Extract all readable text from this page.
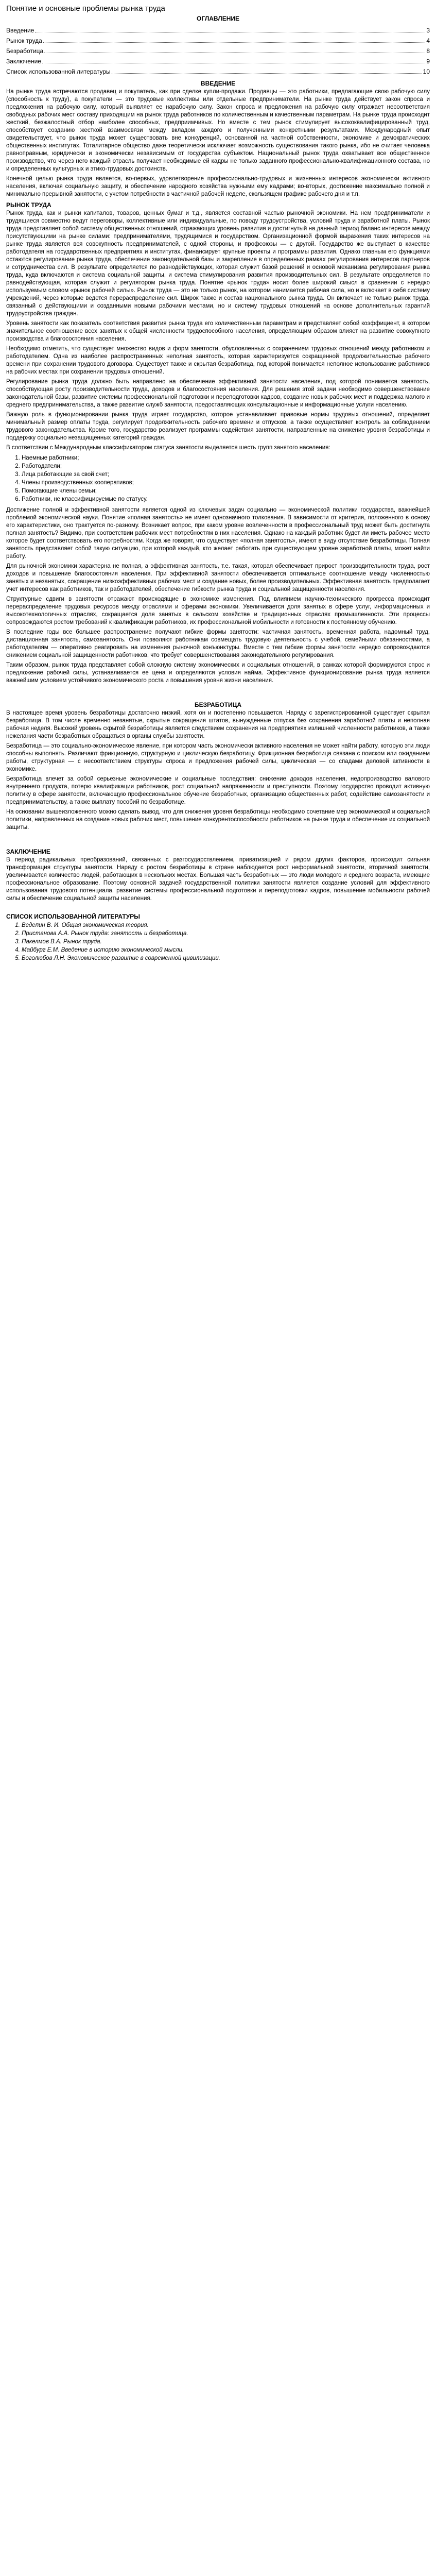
Понятие и основные проблемы рынка труда
ОГЛАВЛЕНИЕ
Введение	3
Рынок труда	4
Безработица	8
Заключение	9
Список использованной литературы	10
ВВЕДЕНИЕ

На рынке труда встречаются продавец и покупатель, как при сделке купли-продажи. Продавцы — это работники, предлагающие свою рабочую силу (способность к труду), а покупатели — это трудовые коллективы или отдельные предприниматели. На рынке труда действует закон спроса и предложения на рабочую силу, который выявляет ее нарабочую силу. Закон спроса и предложения на рабочую силу отражает несоответствия свободных рабочих мест составу приходящим на рынок труда работников по количественным и качественным параметрам. На рынке труда происходит жесткий, безжалостный отбор наиболее способных, предприимчивых. Но вместе с тем рынок стимулирует высококвалифицированный труд, способствует созданию жесткой взаимосвязи между вкладом каждого и полученными конкретными результатами. Международный опыт свидетельствует, что рынок труда может существовать вне конкуренций, основанной на частной собственности, экономике и демократических общественных институтах. Тоталитарное общество даже теоретически исключает возможность существования такого рынка, ибо не считает человека равноправным, юридически и экономически независимым от государства субъектом. Национальный рынок труда охватывает все общественное производство, что через него каждый отрасль получает необходимые ей кадры не только заданного профессионально-квалификационного состава, но и определенных культурных и этико-трудовых достоинств.

Конечной целью рынка труда является, во-первых, удовлетворение профессионально-трудовых и жизненных интересов экономически активного населения, включая социальную защиту, и обеспечение народного хозяйства нужными ему кадрами; во-вторых, достижение максимально полной и минимально прерывной занятости, с учетом потребности в частичной рабочей неделе, скользящем графике рабочего дня и т.п.

РЫНОК ТРУДА

Рынок труда, как и рынки капиталов, товаров, ценных бумаг и т.д., является составной частью рыночной экономики. На нем предприниматели и трудящиеся совместно ведут переговоры, коллективные или индивидуальные, по поводу трудоустройства, условий труда и заработной платы. Рынок труда представляет собой систему общественных отношений, отражающих уровень развития и достигнутый на данный период баланс интересов между присутствующими на рынке силами: предпринимателями, трудящимися и государством. Организационной формой выражения таких интересов на рынке труда является вся совокупность предпринимателей, с одной стороны, и профсоюзы — с другой. Государство же выступает в качестве работодателя на государственных предприятиях и институтах, финансирует крупные проекты и программы развития. Однако главным его функциями остаются регулирование рынка труда, обеспечение законодательной базы и закрепление в определенных рамках регулирования интересов партнеров и сотрудничества сил. В результате определяется по равнодействующих, которая служит базой решений и основой механизма регулирования рынка труда, куда включаются и система социальной защиты, и система стимулирования развития производительных сил. В результате определяется по равнодействующая, которая служит и регулятором рынка труда. Понятие «рынок труда» носит более широкий смысл в сравнении с нередко используемым словом «рынок рабочей силы». Рынок труда — это не только рынок, на котором нанимается рабочая сила, но и включает в себя систему учреждений, через которые ведется перераспределение сил. Широк также и состав национального рынка труда. Он включает не только рынок труда, связанный с действующими и созданными новыми рабочими местами, но и систему трудовых отношений на основе дополнительных гарантий трудоустройства граждан.

Уровень занятости как показатель соответствия развития рынка труда его количественным параметрам и представляет собой коэффициент, в котором значительное соотношение всех занятых к общей численности трудоспособного населения, определяющим образом влияет на развитие совокупного производства и благосостояния населения.

Необходимо отметить, что существует множество видов и форм занятости, обусловленных с сохранением трудовых отношений между работником и работодателем. Одна из наиболее распространенных неполная занятость, которая характеризуется сокращенной продолжительностью рабочего времени при сохранении трудового договора. Существует также и скрытая безработица, под которой понимается неполное использование работников на рабочих местах при сохранении трудовых отношений.

Регулирование рынка труда должно быть направлено на обеспечение эффективной занятости населения, под которой понимается занятость, способствующая росту производительности труда, доходов и благосостояния населения. Для решения этой задачи необходимо совершенствование законодательной базы, развитие системы профессиональной подготовки и переподготовки кадров, создание новых рабочих мест и поддержка малого и среднего предпринимательства, а также развитие служб занятости, предоставляющих консультационные и информационные услуги населению.

Важную роль в функционировании рынка труда играет государство, которое устанавливает правовые нормы трудовых отношений, определяет минимальный размер оплаты труда, регулирует продолжительность рабочего времени и отпусков, а также осуществляет контроль за соблюдением трудового законодательства. Кроме того, государство реализует программы содействия занятости, направленные на снижение уровня безработицы и поддержку социально незащищенных категорий граждан.

В соответствии с Международным классификатором статуса занятости выделяется шесть групп занятого населения:

1. Наемные работники;
2. Работодатели;
3. Лица работающие за свой счет;
4. Члены производственных кооперативов;
5. Помогающие члены семьи;
6. Работники, не классифицируемые по статусу.

Достижение полной и эффективной занятости является одной из ключевых задач социально — экономической политики государства, важнейшей проблемой экономической науки. Понятие «полная занятость» не имеет однозначного толкования. В зависимости от критерия, положенного в основу его характеристики, оно трактуется по-разному. Возникает вопрос, при каком уровне вовлеченности в профессиональный труд может быть достигнута полная занятость? Видимо, при соответствии рабочих мест потребностям в них населения. Однако на каждый работник будет ли иметь рабочее место которое будет соответствовать его потребностям. Когда же говорят, что существует «полная занятость», имеют в виду отсутствие безработицы. Полная занятость представляет собой такую ситуацию, при которой каждый, кто желает работать при существующем уровне заработной платы, может найти работу.

Для рыночной экономики характерна не полная, а эффективная занятость, т.е. такая, которая обеспечивает прирост производительности труда, рост доходов и повышение благосостояния населения. При эффективной занятости обеспечивается оптимальное соотношение между численностью занятых и незанятых, сокращение низкоэффективных рабочих мест и создание новых, более производительных. Эффективная занятость предполагает учет интересов как работников, так и работодателей, обеспечение гибкости рынка труда и социальной защищенности населения.

Структурные сдвиги в занятости отражают происходящие в экономике изменения. Под влиянием научно-технического прогресса происходит перераспределение трудовых ресурсов между отраслями и сферами экономики. Увеличивается доля занятых в сфере услуг, информационных и высокотехнологичных отраслях, сокращается доля занятых в сельском хозяйстве и традиционных отраслях промышленности. Эти процессы сопровождаются ростом требований к квалификации работников, их профессиональной мобильности и готовности к постоянному обучению.

В последние годы все большее распространение получают гибкие формы занятости: частичная занятость, временная работа, надомный труд, дистанционная занятость, самозанятость. Они позволяют работникам совмещать трудовую деятельность с учебой, семейными обязанностями, а работодателям — оперативно реагировать на изменения рыночной конъюнктуры. Вместе с тем гибкие формы занятости нередко сопровождаются снижением социальной защищенности работников, что требует совершенствования законодательного регулирования.

Таким образом, рынок труда представляет собой сложную систему экономических и социальных отношений, в рамках которой формируются спрос и предложение рабочей силы, устанавливается ее цена и определяются условия найма. Эффективное функционирование рынка труда является важнейшим условием устойчивого экономического роста и повышения уровня жизни населения.

БЕЗРАБОТИЦА

В настоящее время уровень безработицы достаточно низкий, хотя он и постепенно повышается. Наряду с зарегистрированной существует скрытая безработица. В том числе временно незанятые, скрытые сокращения штатов, вынужденные отпуска без сохранения заработной платы и неполная рабочая неделя. Высокий уровень скрытой безработицы является следствием сохранения на предприятиях излишней численности работников, а также нежелания части безработных обращаться в органы службы занятости.

Безработица — это социально-экономическое явление, при котором часть экономически активного населения не может найти работу, которую эти люди способны выполнять. Различают фрикционную, структурную и циклическую безработицу. Фрикционная безработица связана с поиском или ожиданием работы, структурная — с несоответствием структуры спроса и предложения рабочей силы, циклическая — со спадами деловой активности в экономике.

Безработица влечет за собой серьезные экономические и социальные последствия: снижение доходов населения, недопроизводство валового внутреннего продукта, потерю квалификации работников, рост социальной напряженности и преступности. Поэтому государство проводит активную политику в сфере занятости, включающую профессиональное обучение безработных, организацию общественных работ, содействие самозанятости и предпринимательству, а также выплату пособий по безработице.

На основании вышеизложенного можно сделать вывод, что для снижения уровня безработицы необходимо сочетание мер экономической и социальной политики, направленных на создание новых рабочих мест, повышение конкурентоспособности работников на рынке труда и обеспечение их социальной защиты.

ЗАКЛЮЧЕНИЕ

В период радикальных преобразований, связанных с разгосударствлением, приватизацией и рядом других факторов, происходит сильная трансформация структуры занятости. Наряду с ростом безработицы в стране наблюдается рост неформальной занятости, вторичной занятости, увеличивается количество людей, работающих в нескольких местах. Большая часть безработных — это люди молодого и среднего возраста, имеющие профессиональное образование. Поэтому основной задачей государственной политики занятости является создание условий для эффективного использования трудового потенциала, развитие системы профессиональной подготовки и переподготовки кадров, повышение мобильности рабочей силы и обеспечение социальной защиты населения.

СПИСОК ИСПОЛЬЗОВАННОЙ ЛИТЕРАТУРЫ
1. Ведепин В. И. Общая экономическая теория.
2. Пристанова А.А. Рынок труда: занятость и безработица.
3. Пакелмов В.А. Рынок труда.
4. Майбург Е.М. Введение в историю экономической мысли.
5. Боголюбов Л.Н. Экономическое развитие в современной цивилизации.
